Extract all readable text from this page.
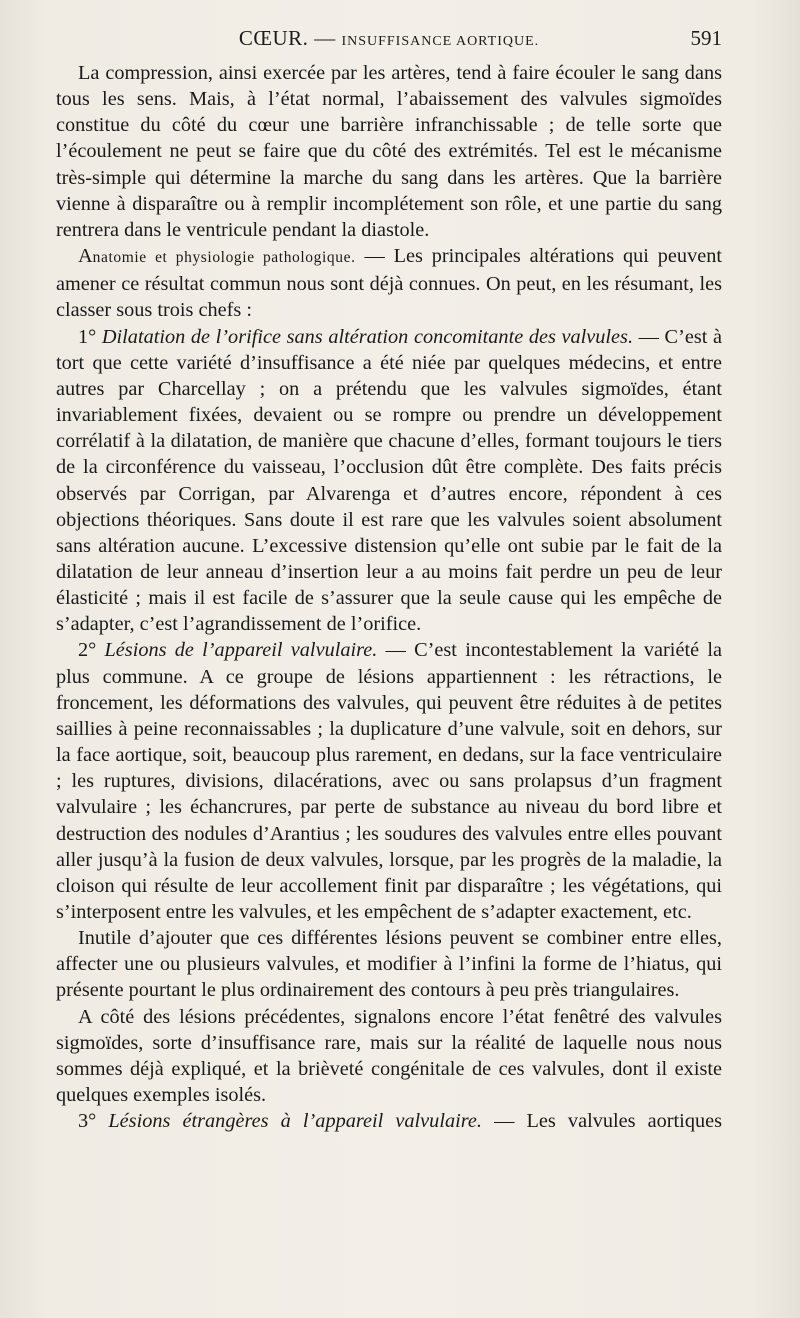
CŒUR. — INSUFFISANCE AORTIQUE.	591

La compression, ainsi exercée par les artères, tend à faire écouler le sang dans tous les sens. Mais, à l’état normal, l’abaissement des valvules sigmoïdes constitue du côté du cœur une barrière infranchissable ; de telle sorte que l’écoulement ne peut se faire que du côté des extrémités. Tel est le mécanisme très-simple qui détermine la marche du sang dans les artères. Que la barrière vienne à disparaître ou à remplir incomplétement son rôle, et une partie du sang rentrera dans le ventricule pendant la diastole.

Anatomie et physiologie pathologique. — Les principales altérations qui peuvent amener ce résultat commun nous sont déjà connues. On peut, en les résumant, les classer sous trois chefs :

1° Dilatation de l’orifice sans altération concomitante des valvules. — C’est à tort que cette variété d’insuffisance a été niée par quelques médecins, et entre autres par Charcellay ; on a prétendu que les valvules sigmoïdes, étant invariablement fixées, devaient ou se rompre ou prendre un développement corrélatif à la dilatation, de manière que chacune d’elles, formant toujours le tiers de la circonférence du vaisseau, l’occlusion dût être complète. Des faits précis observés par Corrigan, par Alvarenga et d’autres encore, répondent à ces objections théoriques. Sans doute il est rare que les valvules soient absolument sans altération aucune. L’excessive distension qu’elle ont subie par le fait de la dilatation de leur anneau d’insertion leur a au moins fait perdre un peu de leur élasticité ; mais il est facile de s’assurer que la seule cause qui les empêche de s’adapter, c’est l’agrandissement de l’orifice.

2° Lésions de l’appareil valvulaire. — C’est incontestablement la variété la plus commune. A ce groupe de lésions appartiennent : les rétractions, le froncement, les déformations des valvules, qui peuvent être réduites à de petites saillies à peine reconnaissables ; la duplicature d’une valvule, soit en dehors, sur la face aortique, soit, beaucoup plus rarement, en dedans, sur la face ventriculaire ; les ruptures, divisions, dilacérations, avec ou sans prolapsus d’un fragment valvulaire ; les échancrures, par perte de substance au niveau du bord libre et destruction des nodules d’Arantius ; les soudures des valvules entre elles pouvant aller jusqu’à la fusion de deux valvules, lorsque, par les progrès de la maladie, la cloison qui résulte de leur accollement finit par disparaître ; les végétations, qui s’interposent entre les valvules, et les empêchent de s’adapter exactement, etc.

Inutile d’ajouter que ces différentes lésions peuvent se combiner entre elles, affecter une ou plusieurs valvules, et modifier à l’infini la forme de l’hiatus, qui présente pourtant le plus ordinairement des contours à peu près triangulaires.

A côté des lésions précédentes, signalons encore l’état fenêtré des valvules sigmoïdes, sorte d’insuffisance rare, mais sur la réalité de laquelle nous nous sommes déjà expliqué, et la brièveté congénitale de ces valvules, dont il existe quelques exemples isolés.

3° Lésions étrangères à l’appareil valvulaire. — Les valvules aortiques
